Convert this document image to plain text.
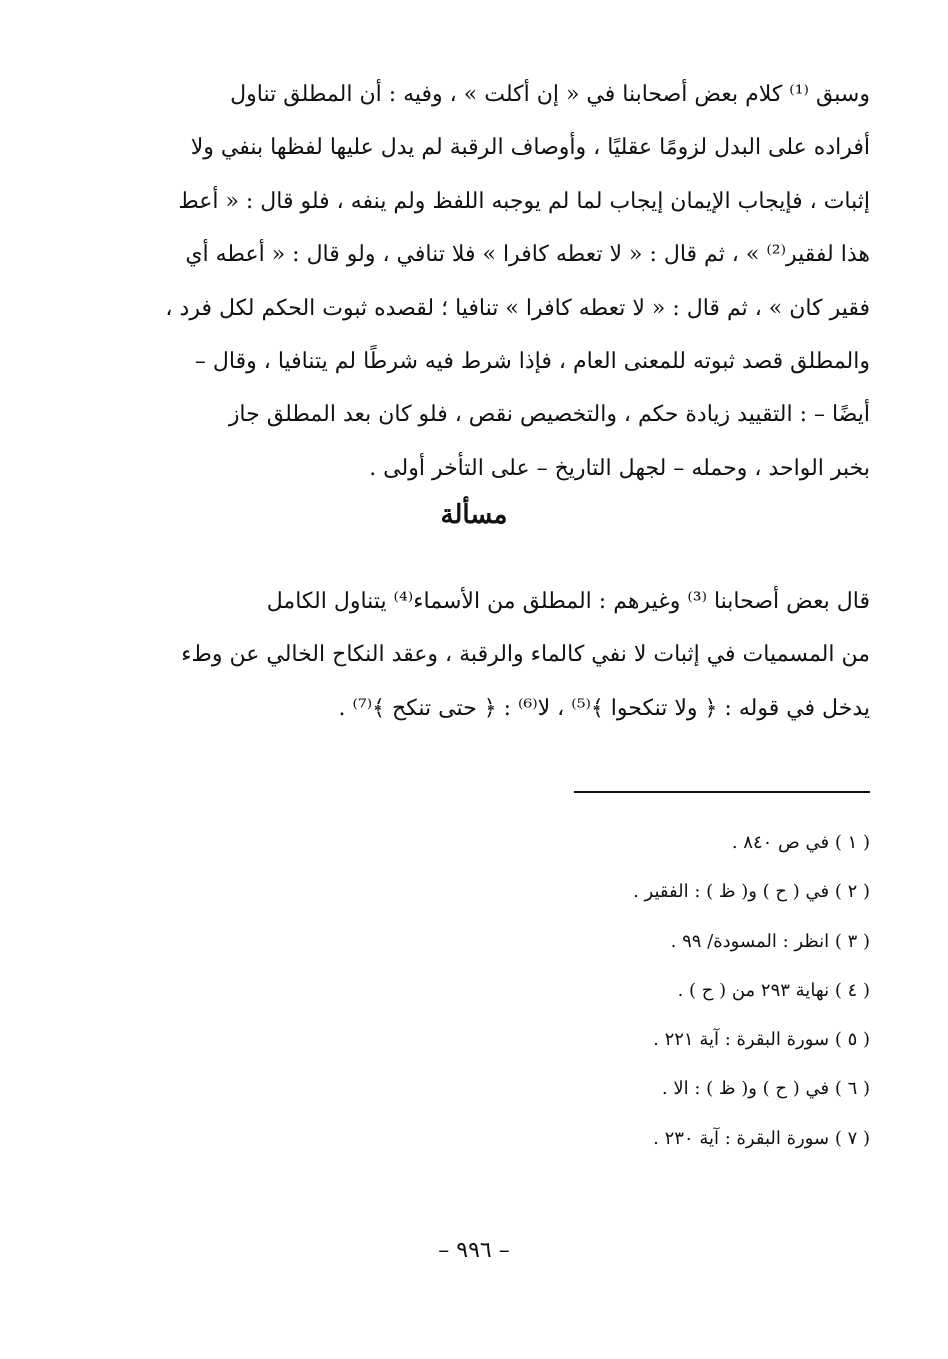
وسبق ⁽¹⁾ كلام بعض أصحابنا في « إن أكلت » ، وفيه : أن المطلق تناول
أفراده على البدل لزومًا عقليًا ، وأوصاف الرقبة لم يدل عليها لفظها بنفي ولا
إثبات ، فإيجاب الإيمان إيجاب لما لم يوجبه اللفظ ولم ينفه ، فلو قال : « أعط
هذا لفقير⁽²⁾ » ، ثم قال : « لا تعطه كافرا » فلا تنافي ، ولو قال : « أعطه أي
فقير كان » ، ثم قال : « لا تعطه كافرا » تنافيا ؛ لقصده ثبوت الحكم لكل فرد ،
والمطلق قصد ثبوته للمعنى العام ، فإذا شرط فيه شرطًا لم يتنافيا ، وقال –
أيضًا – : التقييد زيادة حكم ، والتخصيص نقص ، فلو كان بعد المطلق جاز
بخبر الواحد ، وحمله – لجهل التاريخ – على التأخر أولى .
مسألة
قال بعض أصحابنا ⁽³⁾ وغيرهم : المطلق من الأسماء⁽⁴⁾ يتناول الكامل
من المسميات في إثبات لا نفي كالماء والرقبة ، وعقد النكاح الخالي عن وطء
يدخل في قوله : ﴿ ولا تنكحوا ﴾⁽⁵⁾ ، لا⁽⁶⁾ : ﴿ حتى تنكح ﴾⁽⁷⁾ .
( ١ ) في ص ٨٤٠ .
( ٢ ) في ( ح ) و( ظ ) : الفقير .
( ٣ ) انظر : المسودة/ ٩٩ .
( ٤ ) نهاية ٢٩٣ من ( ح ) .
( ٥ ) سورة البقرة : آية ٢٢١ .
( ٦ ) في ( ح ) و( ظ ) : الا .
( ٧ ) سورة البقرة : آية ٢٣٠ .
– ٩٩٦ –
